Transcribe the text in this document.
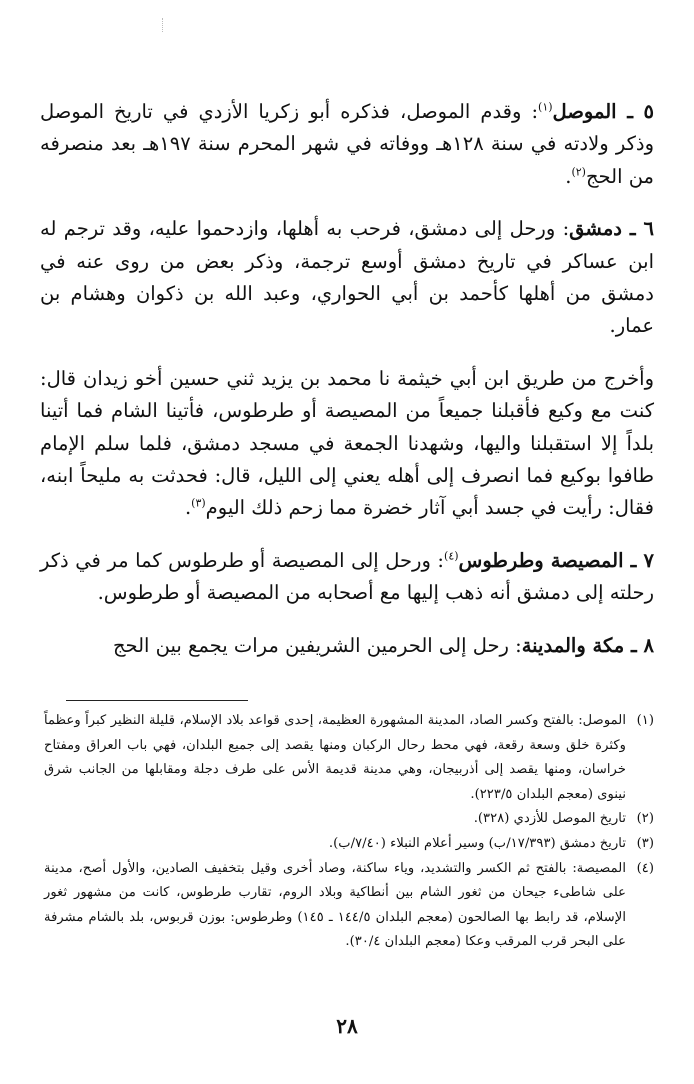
٥ ـ الموصل$^{(١)}$: وقدم الموصل، فذكره أبو زكريا الأزدي في تاريخ الموصل وذكر ولادته في سنة ١٢٨هـ ووفاته في شهر المحرم سنة ١٩٧هـ بعد منصرفه من الحج$^{(٢)}$.

٦ ـ دمشق: ورحل إلى دمشق، فرحب به أهلها، وازدحموا عليه، وقد ترجم له ابن عساكر في تاريخ دمشق أوسع ترجمة، وذكر بعض من روى عنه في دمشق من أهلها كأحمد بن أبي الحواري، وعبد الله بن ذكوان وهشام بن عمار.

وأخرج من طريق ابن أبي خيثمة نا محمد بن يزيد ثني حسين أخو زيدان قال: كنت مع وكيع فأقبلنا جميعاً من المصيصة أو طرطوس، فأتينا الشام فما أتينا بلداً إلا استقبلنا واليها، وشهدنا الجمعة في مسجد دمشق، فلما سلم الإمام طافوا بوكيع فما انصرف إلى أهله يعني إلى الليل، قال: فحدثت به مليحاً ابنه، فقال: رأيت في جسد أبي آثار خضرة مما زحم ذلك اليوم$^{(٣)}$.

٧ ـ المصيصة وطرطوس$^{(٤)}$: ورحل إلى المصيصة أو طرطوس كما مر في ذكر رحلته إلى دمشق أنه ذهب إليها مع أصحابه من المصيصة أو طرطوس.

٨ ـ مكة والمدينة: رحل إلى الحرمين الشريفين مرات يجمع بين الحج

(١)
الموصل: بالفتح وكسر الصاد، المدينة المشهورة العظيمة، إحدى قواعد بلاد الإسلام، قليلة النظير كبراً وعظماً وكثرة خلق وسعة رقعة، فهي محط رحال الركبان ومنها يقصد إلى جميع البلدان، فهي باب العراق ومفتاح خراسان، ومنها يقصد إلى أذربيجان، وهي مدينة قديمة الأس على طرف دجلة ومقابلها من الجانب شرق نينوى (معجم البلدان ٢٢٣/٥).

(٢)
تاريخ الموصل للأزدي (٣٢٨).

(٣)
تاريخ دمشق (١٧/٣٩٣/ب) وسير أعلام النبلاء (٧/٤٠/ب).

(٤)
المصيصة: بالفتح ثم الكسر والتشديد، وياء ساكنة، وصاد أخرى وقيل بتخفيف الصادين، والأول أصح، مدينة على شاطىء جيحان من ثغور الشام بين أنطاكية وبلاد الروم، تقارب طرطوس، كانت من مشهور ثغور الإسلام، قد رابط بها الصالحون (معجم البلدان ١٤٤/٥ ـ ١٤٥) وطرطوس: بوزن قربوس، بلد بالشام مشرفة على البحر قرب المرقب وعكا (معجم البلدان ٣٠/٤).

٢٨
